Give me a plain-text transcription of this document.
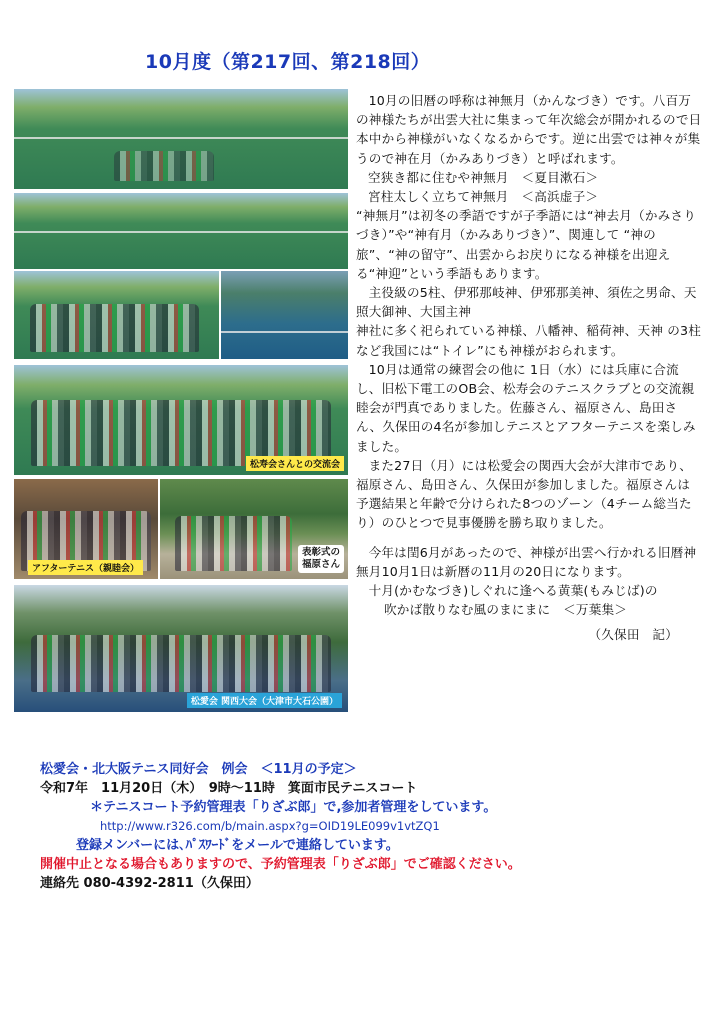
10月度（第217回、第218回）
松寿会さんとの交流会
アフターテニス（親睦会）
表彰式の
福原さん
松愛会 関西大会（大津市大石公園）

10月の旧暦の呼称は神無月（かんなづき）です。八百万の神様たちが出雲大社に集まって年次総会が開かれるので日本中から神様がいなくなるからです。逆に出雲では神々が集うので神在月（かみありづき）と呼ばれます。

空狭き都に住むや神無月　＜夏目漱石＞

宮柱太しく立ちて神無月　＜高浜虚子＞

“神無月”は初冬の季語ですが子季語には“神去月（かみさりづき）”や“神有月（かみありづき）”、関連して “神の旅”、“神の留守”、出雲からお戻りになる神様を出迎える“神迎”という季語もあります。

主役級の5柱、伊邪那岐神、伊邪那美神、須佐之男命、天照大御神、大国主神

神社に多く祀られている神様、八幡神、稲荷神、天神 の3柱など我国には“トイレ”にも神様がおられます。

10月は通常の練習会の他に 1日（水）には兵庫に合流し、旧松下電工のOB会、松寿会のテニスクラブとの交流親睦会が門真でありました。佐藤さん、福原さん、島田さん、久保田の4名が参加しテニスとアフターテニスを楽しみました。

また27日（月）には松愛会の関西大会が大津市であり、福原さん、島田さん、久保田が参加しました。福原さんは予選結果と年齢で分けられた8つのゾーン（4チーム総当たり）のひとつで見事優勝を勝ち取りました。

今年は閏6月があったので、神様が出雲へ行かれる旧暦神無月10月1日は新暦の11月の20日になります。

十月(かむなづき)しぐれに逢へる黄葉(もみじば)の

吹かば散りなむ風のまにまに　＜万葉集＞

（久保田　記）

松愛会・北大阪テニス同好会　例会　＜11月の予定＞

令和7年　11月20日（木）　9時～11時　箕面市民テニスコート

＊テニスコート予約管理表「りざぶ郎」で,参加者管理をしています。

http://www.r326.com/b/main.aspx?g=OID19LE099v1vtZQ1

登録メンバーには､ﾊﾟｽﾜｰﾄﾞをメールで連絡しています。

開催中止となる場合もありますので、予約管理表「りざぶ郎」でご確認ください。

連絡先 080-4392-2811（久保田）
